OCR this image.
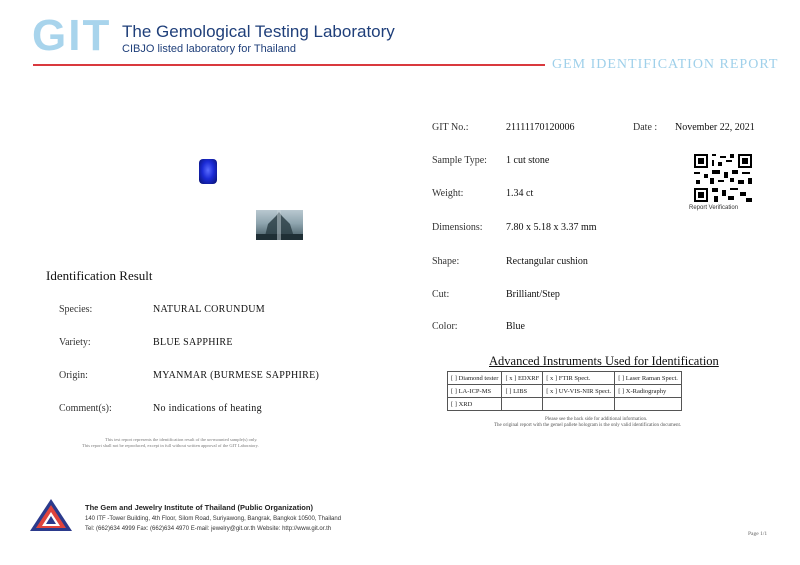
GIT The Gemological Testing Laboratory
CIBJO listed laboratory for Thailand
GEM IDENTIFICATION REPORT
GIT No.:	21111170120006	Date : November 22, 2021
Sample Type: 1 cut stone
Weight:	1.34 ct
Dimensions: 7.80 x 5.18 x 3.37 mm
Shape:	Rectangular cushion
Cut:	Brilliant/Step
Color:	Blue
Report Verification
Identification Result
Species:	NATURAL CORUNDUM
Variety:	BLUE SAPPHIRE
Origin:	MYANMAR (BURMESE SAPPHIRE)
Comment(s):	No indications of heating
This test report represents the identification result of the un-mounted sample(s) only.
This report shall not be reproduced, except in full without written approval of the GIT Laboratory.
Advanced Instruments Used for Identification
[ ] Diamond tester	[ x ] EDXRF	[ x ] FTIR Spect.	[ ] Laser Raman Spect.
[ ] LA-ICP-MS	[ ] LIBS	[ x ] UV-VIS-NIR Spect.	[ ] X-Radiography
[ ] XRD			
Please see the back side for additional information.
The original report with the gemel pallete hologram is the only valid identification document.
The Gem and Jewelry Institute of Thailand (Public Organization)
140 ITF -Tower Building, 4th Floor, Silom Road, Suriyawong, Bangrak, Bangkok 10500, Thailand
Tel: (662)634 4999 Fax: (662)634 4970 E-mail: jewelry@git.or.th Website: http://www.git.or.th
Page 1/1
